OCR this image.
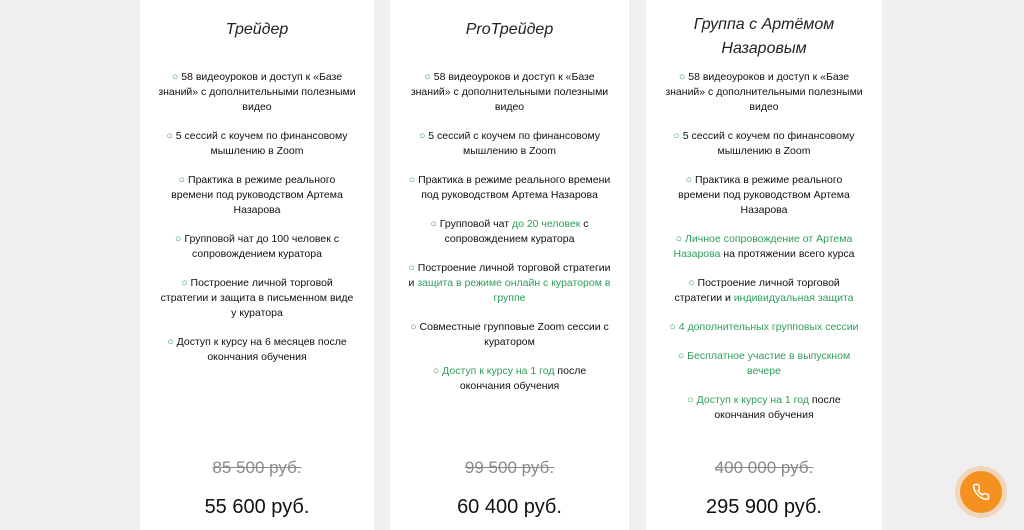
Трейдер
○ 58 видеоуроков и доступ к «Базе знаний» с дополнительными полезными видео
○ 5 сессий с коучем по финансовому мышлению в Zoom
○ Практика в режиме реального времени под руководством Артема Назарова
○ Групповой чат до 100 человек с сопровождением куратора
○ Построение личной торговой стратегии и защита в письменном виде у куратора
○ Доступ к курсу на 6 месяцев после окончания обучения
85 500 руб.
55 600 руб.
ProТрейдер
○ 58 видеоуроков и доступ к «Базе знаний» с дополнительными полезными видео
○ 5 сессий с коучем по финансовому мышлению в Zoom
○ Практика в режиме реального времени под руководством Артема Назарова
○ Групповой чат до 20 человек с сопровождением куратора
○ Построение личной торговой стратегии и защита в режиме онлайн с куратором в группе
○ Совместные групповые Zoom сессии с куратором
○ Доступ к курсу на 1 год после окончания обучения
99 500 руб.
60 400 руб.
Группа с Артёмом Назаровым
○ 58 видеоуроков и доступ к «Базе знаний» с дополнительными полезными видео
○ 5 сессий с коучем по финансовому мышлению в Zoom
○ Практика в режиме реального времени под руководством Артема Назарова
○ Личное сопровождение от Артема Назарова на протяжении всего курса
○ Построение личной торговой стратегии и индивидуальная защита
○ 4 дополнительных групповых сессии
○ Бесплатное участие в выпускном вечере
○ Доступ к курсу на 1 год после окончания обучения
400 000 руб.
295 900 руб.
